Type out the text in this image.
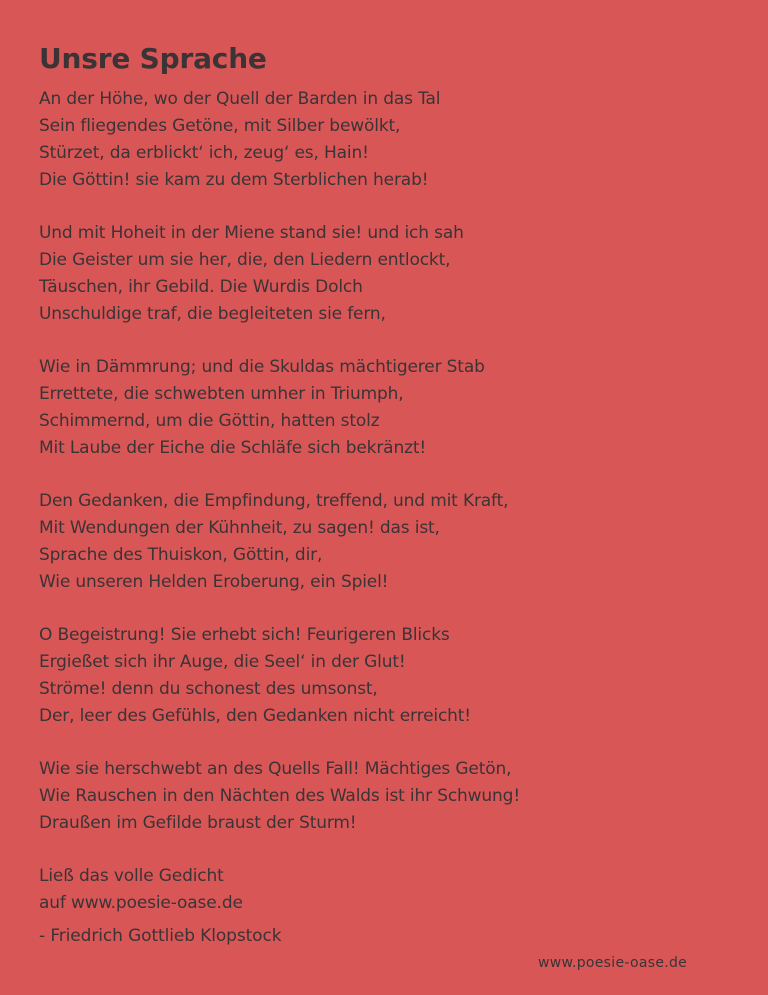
Unsre Sprache
An der Höhe, wo der Quell der Barden in das Tal
Sein fliegendes Getöne, mit Silber bewölkt,
Stürzet, da erblickt‘ ich, zeug‘ es, Hain!
Die Göttin! sie kam zu dem Sterblichen herab!
Und mit Hoheit in der Miene stand sie! und ich sah
Die Geister um sie her, die, den Liedern entlockt,
Täuschen, ihr Gebild. Die Wurdis Dolch
Unschuldige traf, die begleiteten sie fern,
Wie in Dämmrung; und die Skuldas mächtigerer Stab
Errettete, die schwebten umher in Triumph,
Schimmernd, um die Göttin, hatten stolz
Mit Laube der Eiche die Schläfe sich bekränzt!
Den Gedanken, die Empfindung, treffend, und mit Kraft,
Mit Wendungen der Kühnheit, zu sagen! das ist,
Sprache des Thuiskon, Göttin, dir,
Wie unseren Helden Eroberung, ein Spiel!
O Begeistrung! Sie erhebt sich! Feurigeren Blicks
Ergießet sich ihr Auge, die Seel‘ in der Glut!
Ströme! denn du schonest des umsonst,
Der, leer des Gefühls, den Gedanken nicht erreicht!
Wie sie herschwebt an des Quells Fall! Mächtiges Getön,
Wie Rauschen in den Nächten des Walds ist ihr Schwung!
Draußen im Gefilde braust der Sturm!
Ließ das volle Gedicht
auf www.poesie-oase.de
- Friedrich Gottlieb Klopstock
www.poesie-oase.de
